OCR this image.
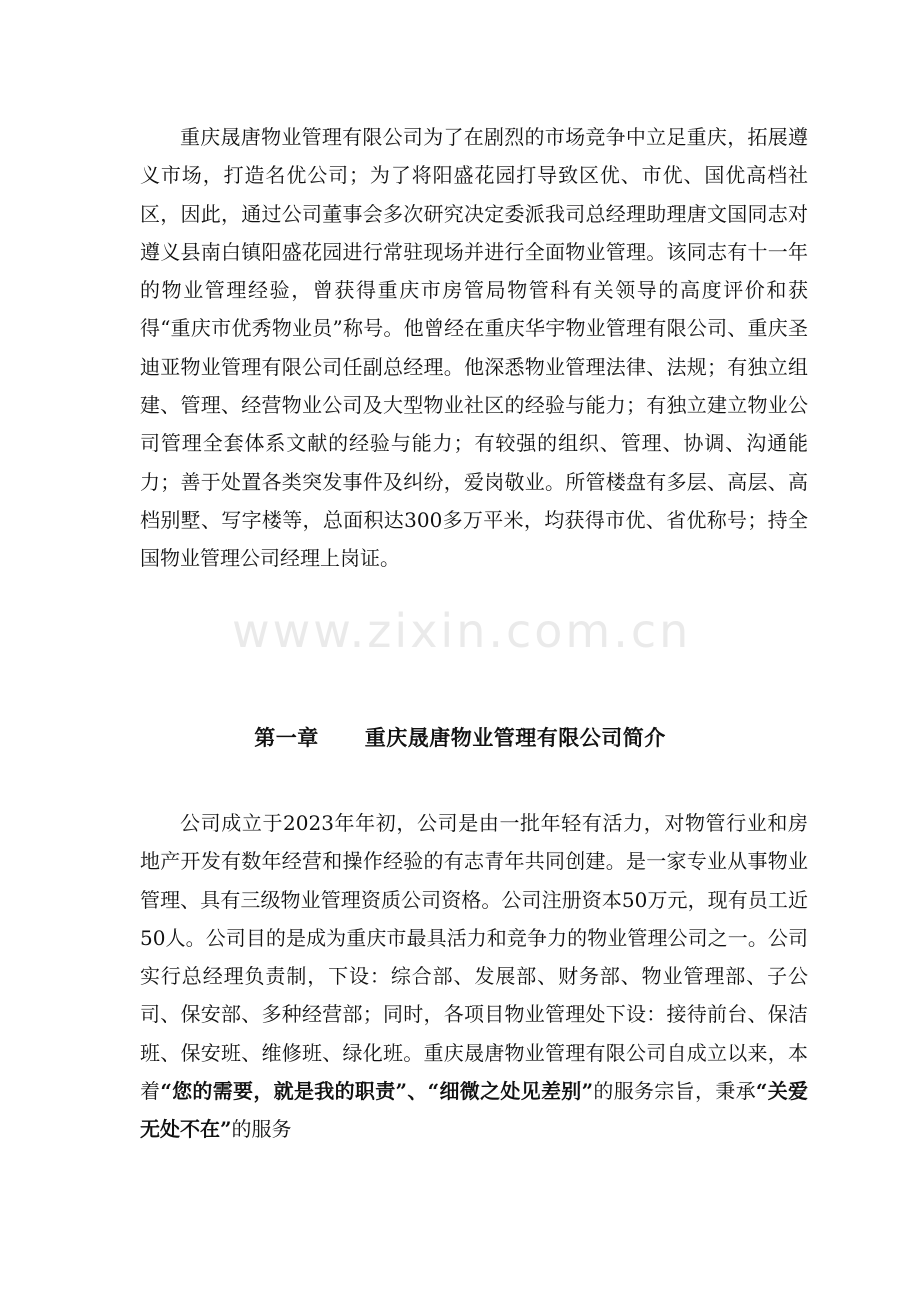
重庆晟唐物业管理有限公司为了在剧烈的市场竞争中立足重庆，拓展遵义市场，打造名优公司；为了将阳盛花园打导致区优、市优、国优高档社区，因此，通过公司董事会多次研究决定委派我司总经理助理唐文国同志对遵义县南白镇阳盛花园进行常驻现场并进行全面物业管理。该同志有十一年的物业管理经验，曾获得重庆市房管局物管科有关领导的高度评价和获得“重庆市优秀物业员”称号。他曾经在重庆华宇物业管理有限公司、重庆圣迪亚物业管理有限公司任副总经理。他深悉物业管理法律、法规；有独立组建、管理、经营物业公司及大型物业社区的经验与能力；有独立建立物业公司管理全套体系文献的经验与能力；有较强的组织、管理、协调、沟通能力；善于处置各类突发事件及纠纷，爱岗敬业。所管楼盘有多层、高层、高档别墅、写字楼等，总面积达300多万平米，均获得市优、省优称号；持全国物业管理公司经理上岗证。

www.zixin.com.cn
第一章 重庆晟唐物业管理有限公司简介

公司成立于2023年年初，公司是由一批年轻有活力，对物管行业和房地产开发有数年经营和操作经验的有志青年共同创建。是一家专业从事物业管理、具有三级物业管理资质公司资格。公司注册资本50万元，现有员工近50人。公司目的是成为重庆市最具活力和竞争力的物业管理公司之一。公司实行总经理负责制，下设：综合部、发展部、财务部、物业管理部、子公司、保安部、多种经营部；同时，各项目物业管理处下设：接待前台、保洁班、保安班、维修班、绿化班。重庆晟唐物业管理有限公司自成立以来，本着“您的需要，就是我的职责”、“细微之处见差别”的服务宗旨，秉承“关爱无处不在”的服务
